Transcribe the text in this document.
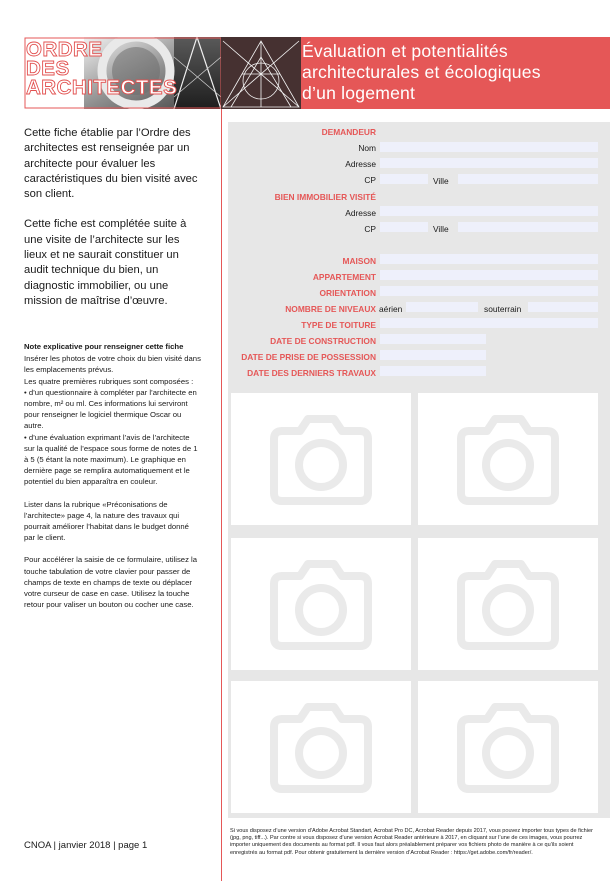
ORDRE
DES
ARCHITECTES
Évaluation et potentialités
architecturales et écologiques
d’un logement

Cette fiche établie par l’Ordre des architectes est renseignée par un architecte pour évaluer les caractéristiques du bien visité avec son client.

Cette fiche est complétée suite à une visite de l’architecte sur les lieux et ne saurait constituer un audit technique du bien, un diagnostic immobilier, ou une mission de maîtrise d’œuvre.

Note explicative pour renseigner cette fiche

Insérer les photos de votre choix du bien visité dans les emplacements prévus.

Les quatre premières rubriques sont composées :

• d’un questionnaire à compléter par l’architecte en nombre, m² ou ml. Ces informations lui serviront pour renseigner le logiciel thermique Oscar ou autre.

• d’une évaluation exprimant l’avis de l’architecte sur la qualité de l’espace sous forme de notes de 1 à 5 (5 étant la note maximum). Le graphique en dernière page se remplira automatiquement et le potentiel du bien apparaîtra en couleur.

Lister dans la rubrique «Préconisations de l’architecte» page 4, la nature des travaux qui pourrait améliorer l’habitat dans le budget donné par le client.

Pour accélérer la saisie de ce formulaire, utilisez la touche tabulation de votre clavier pour passer de champs de texte en champs de texte ou déplacer votre curseur de case en case. Utilisez la touche retour pour valiser un bouton ou cocher une case.

CNOA | janvier 2018 | page 1
DEMANDEUR
Nom
Adresse
CP	Ville
BIEN IMMOBILIER VISITÉ
Adresse
CP	Ville
MAISON
APPARTEMENT
ORIENTATION
NOMBRE DE NIVEAUX aérien	souterrain
TYPE DE TOITURE
DATE DE CONSTRUCTION
DATE DE PRISE DE POSSESSION
DATE DES DERNIERS TRAVAUX
Si vous disposez d’une version d’Adobe Acrobat Standart, Acrobat Pro DC, Acrobat Reader depuis 2017, vous pouvez importer tous types de fichier (jpg, png, tiff...). Par contre si vous disposez d’une version Acrobat Reader antérieure à 2017, en cliquant sur l’une de ces images, vous pourrez importer uniquement des documents au format pdf. Il vous faut alors préalablement préparer vos fichiers photo de manière à ce qu’ils soient enregistrés au format pdf. Pour obtenir gratuitement la dernière version d’Acrobat Reader : https://get.adobe.com/fr/reader/.
